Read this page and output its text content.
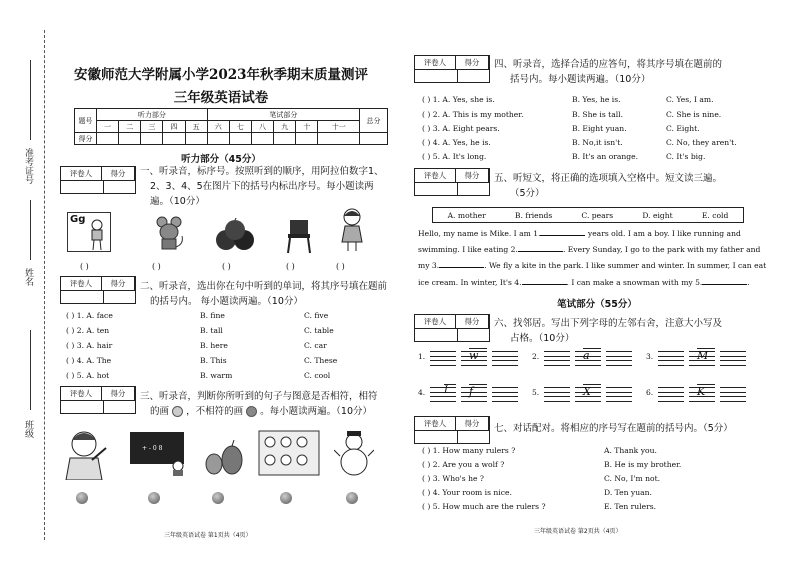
准考证号
姓名
班级
安徽师范大学附属小学2023年秋季期末质量测评
三年级英语试卷
题号	听力部分					笔试部分						总分
	一	二	三	四	五	六	七	八	九	十	十一	
得分												
听力部分（45分）
评卷人	得分	一、听录音，标序号。按照听到的顺序，用阿拉伯数字1、
2、3、4、5在图片下的括号内标出序号。每小题读两
遍。（10分）
Gg
( )	( )	( )	( )	( )
评卷人	得分	二、听录音，选出你在句中听到的单词，将其序号填在题前
的括号内。 每小题读两遍。（10分）
( ) 1. A. face	B. fine	C. five
( ) 2. A. ten	B. tall	C. table
( ) 3. A. hair	B. here	C. car
( ) 4. A. The	B. This	C. These
( ) 5. A. hot	B. warm	C. cool
评卷人	得分	三、听录音，判断你所听到的句子与图意是否相符，相符
的画 ，不相符的画 。每小题读两遍。（10分）
+ - 0 8
三年级英语试卷 第1页共（4页）
评卷人	得分	四、听录音，选择合适的应答句，将其序号填在题前的
括号内。每小题读两遍。（10分）
( ) 1. A. Yes, she is.	B. Yes, he is.	C. Yes, I am.
( ) 2. A. This is my mother.	B. She is tall.	C. She is nine.
( ) 3. A. Eight pears.	B. Eight yuan.	C. Eight.
( ) 4. A. Yes, he is.	B. No,it isn't.	C. No, they aren't.
( ) 5. A. It's long.	B. It's an orange.	C. It's big.
评卷人	得分	五、听短文，将正确的选项填入空格中。短文读三遍。
（5分）
A. mother	B. friends	C. pears	D. eight	E. cold
Hello, my name is Mike. I am 1.	years old. I am a boy. I like running and
swimming. I like eating 2.	. Every Sunday, I go to the park with my father and
my 3.	. We fly a kite in the park. I like summer and winter. In summer, I can eat
ice cream. In winter, It's 4.	. I can make a snowman with my 5.	.
笔试部分（55分）
评卷人	得分	六、找邻居。写出下列字母的左邻右舍，注意大小写及
占格。（10分）
评卷人	得分	七、对话配对。将相应的序号写在题前的括号内。（5分）
( ) 1. How many rulers ?	A. Thank you.
( ) 2. Are you a wolf ?	B. He is my brother.
( ) 3. Who's he ?	C. No, I'm not.
( ) 4. Your room is nice.	D. Ten yuan.
( ) 5. How much are the rulers ?	E. Ten rulers.
三年级英语试卷 第2页共（4页）
1.	w	2.	a	3.	M
4. I	f	5.	X	6.	K
